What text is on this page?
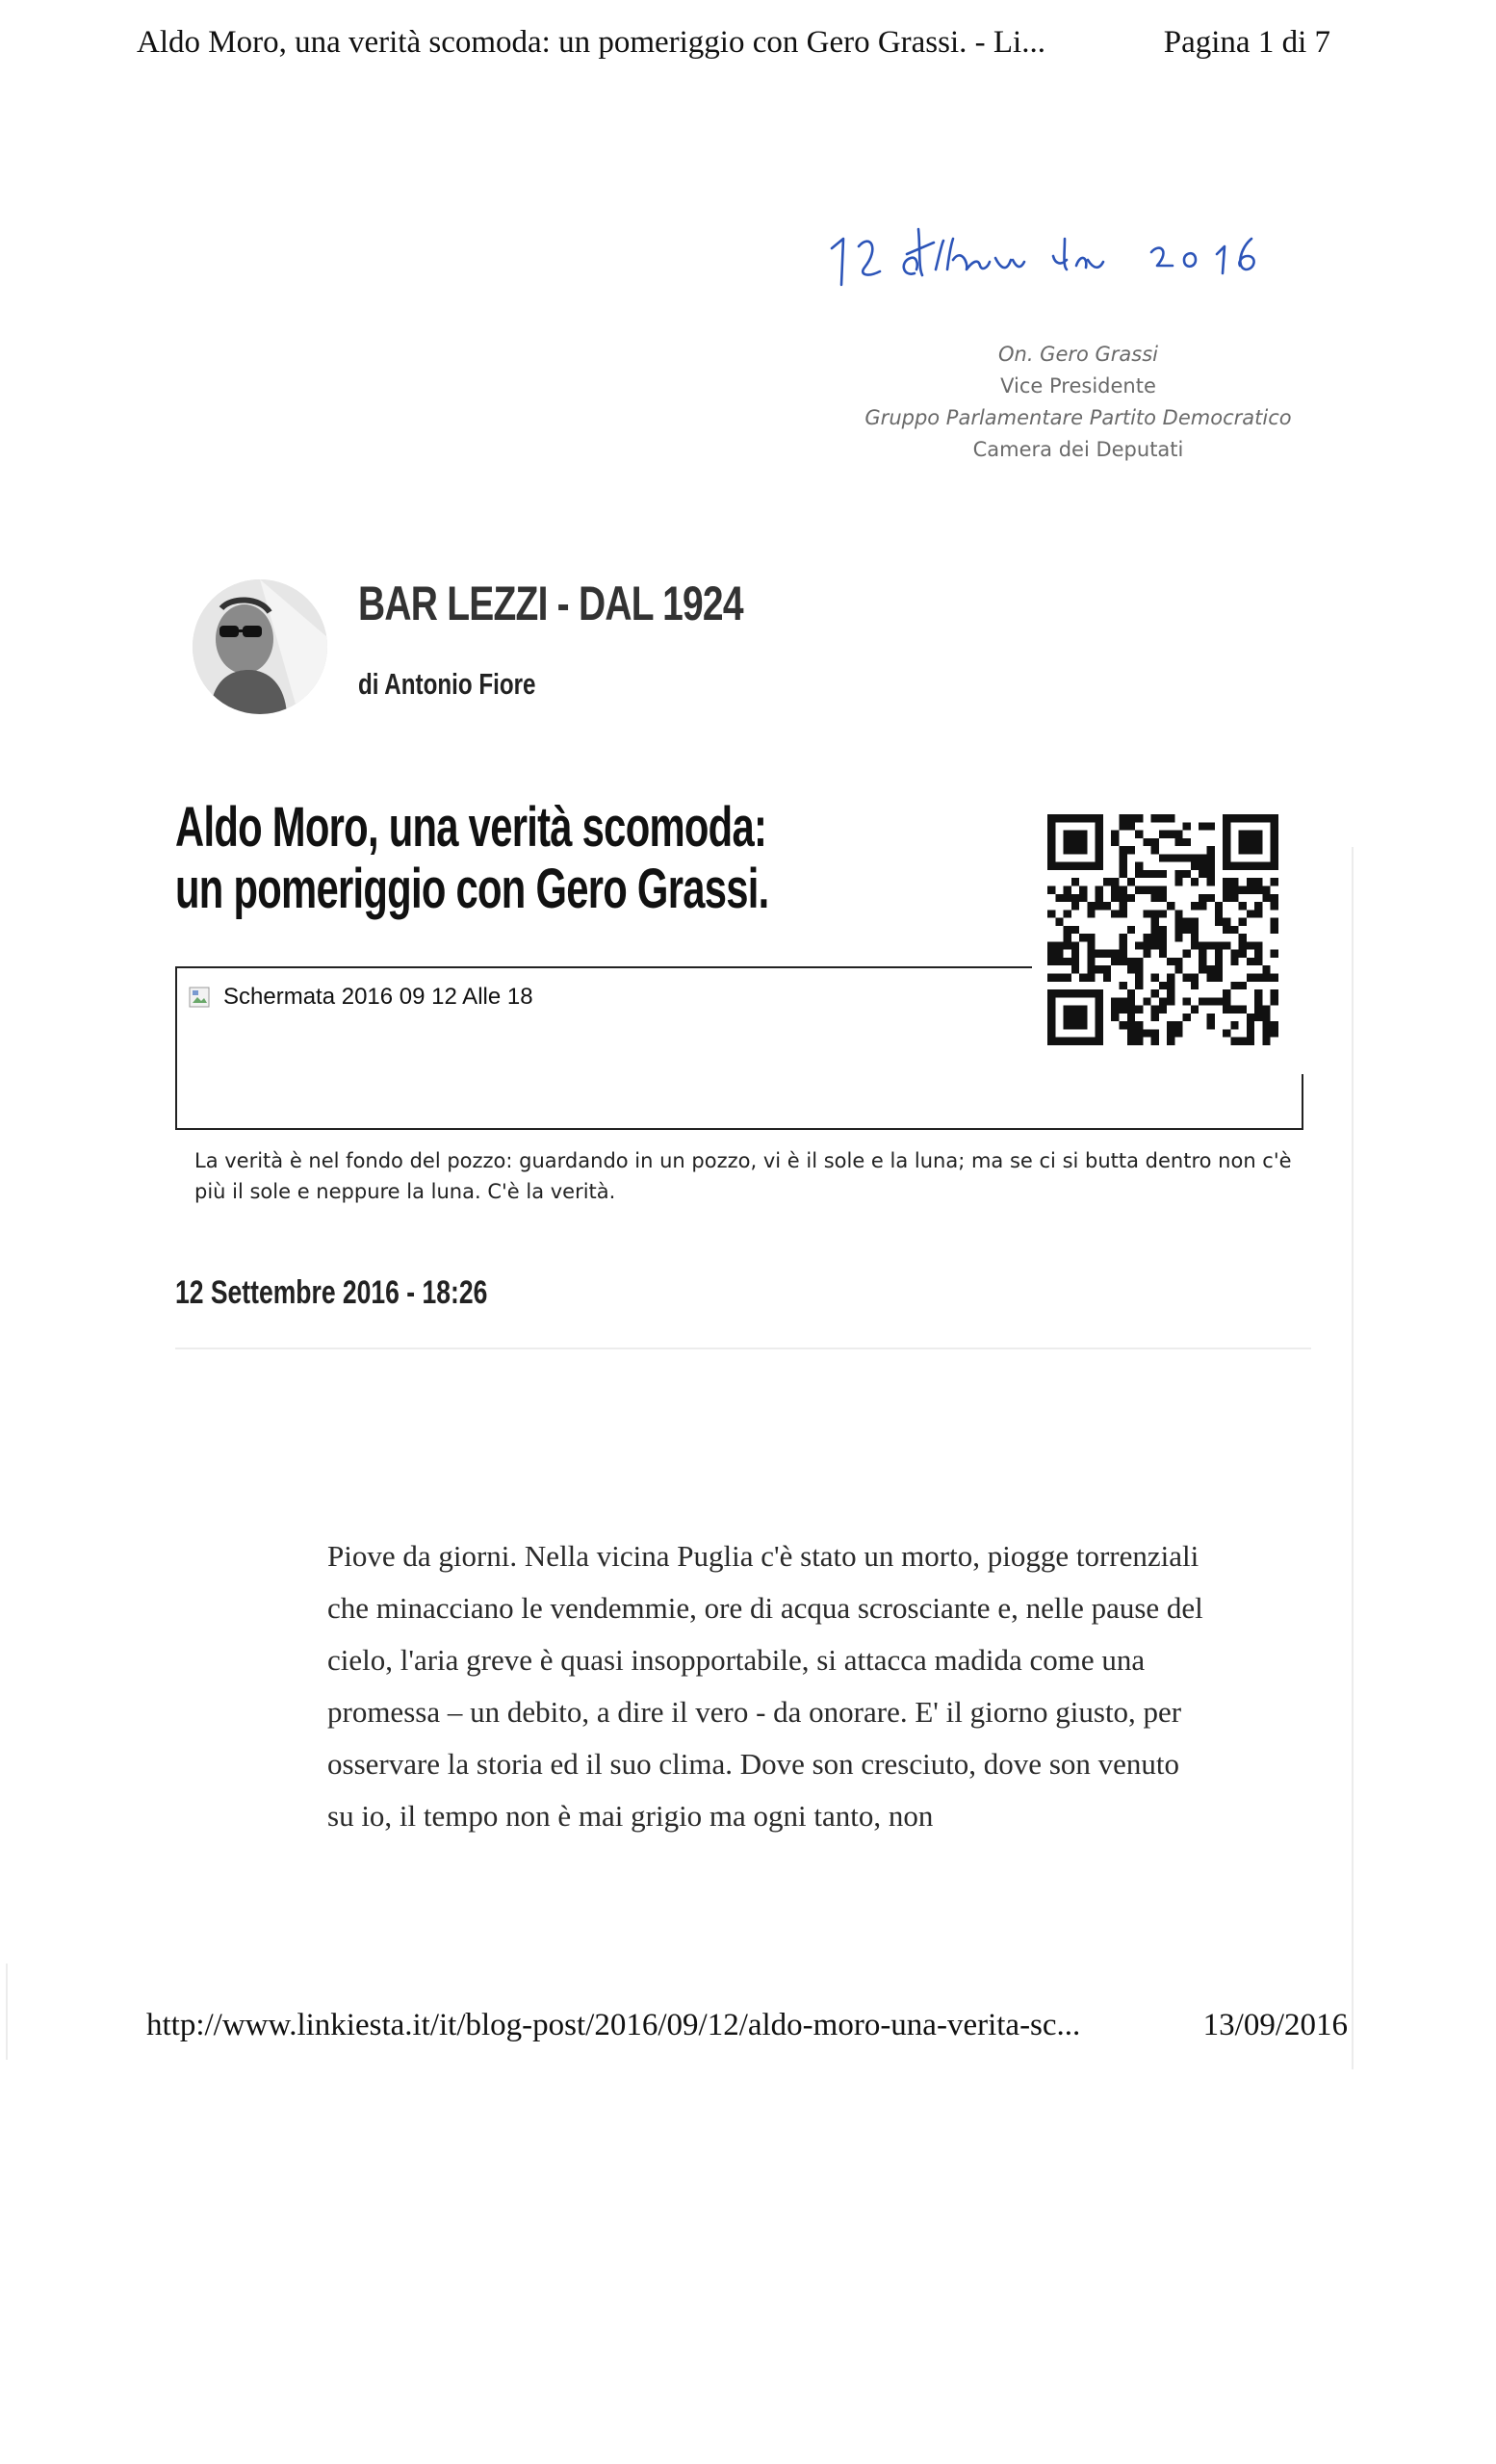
Aldo Moro, una verità scomoda: un pomeriggio con Gero Grassi. - Li...	Pagina 1 di 7
On. Gero Grassi
Vice Presidente
Gruppo Parlamentare Partito Democratico
Camera dei Deputati
BAR LEZZI - DAL 1924
di Antonio Fiore
Aldo Moro, una verità scomoda: un pomeriggio con Gero Grassi.
Schermata 2016 09 12 Alle 18
La verità è nel fondo del pozzo: guardando in un pozzo, vi è il sole e la luna; ma se ci si butta dentro non c'è più il sole e neppure la luna. C'è la verità.
12 Settembre 2016 - 18:26

Piove da giorni. Nella vicina Puglia c'è stato un morto, piogge torrenziali che minacciano le vendemmie, ore di acqua scrosciante e, nelle pause del cielo, l'aria greve è quasi insopportabile, si attacca madida come una promessa – un debito, a dire il vero - da onorare. E' il giorno giusto, per osservare la storia ed il suo clima. Dove son cresciuto, dove son venuto su io, il tempo non è mai grigio ma ogni tanto, non

http://www.linkiesta.it/it/blog-post/2016/09/12/aldo-moro-una-verita-sc...	13/09/2016
